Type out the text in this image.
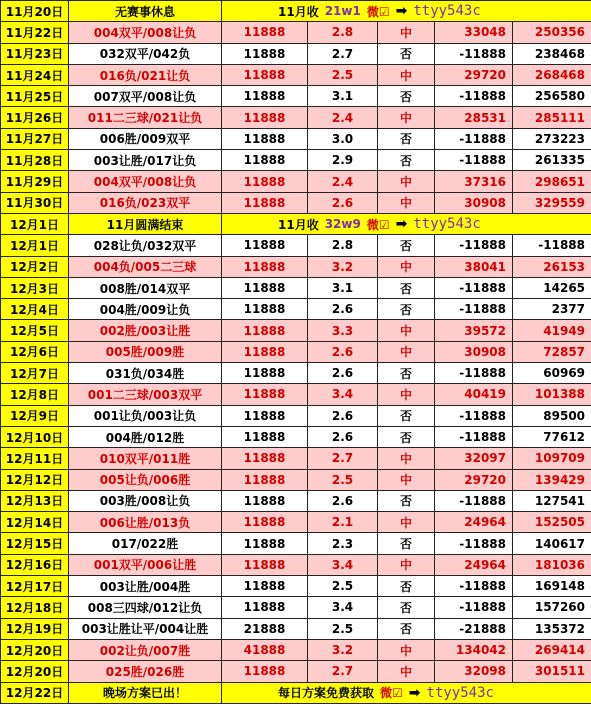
11月20日	无赛事休息	11月收 21w1 微☑ ➡ ttyy543c				

11月22日	004双平/008让负	11888	2.8	中	33048	250356
11月23日	032双平/042负	11888	2.7	否	-11888	238468
11月24日	016负/021让负	11888	2.5	中	29720	268468
11月25日	007双平/008让负	11888	3.1	否	-11888	256580
11月26日	011二三球/021让负	11888	2.4	中	28531	285111
11月27日	006胜/009双平	11888	3.0	否	-11888	273223
11月28日	003让胜/017让负	11888	2.9	否	-11888	261335
11月29日	004双平/008让负	11888	2.4	中	37316	298651
11月30日	016负/023双平	11888	2.6	中	30908	329559
12月1日	11月圆满结束	11月收 32w9 微☑ ➡ ttyy543c				

12月1日	028让负/032双平	11888	2.8	否	-11888	-11888
12月2日	004负/005二三球	11888	3.2	中	38041	26153
12月3日	008胜/014双平	11888	3.1	否	-11888	14265
12月4日	004胜/009让负	11888	2.6	否	-11888	2377
12月5日	002胜/003让胜	11888	3.3	中	39572	41949
12月6日	005胜/009胜	11888	2.6	中	30908	72857
12月7日	031负/034胜	11888	2.6	否	-11888	60969
12月8日	001二三球/003双平	11888	3.4	中	40419	101388
12月9日	001让负/003让负	11888	2.6	否	-11888	89500
12月10日	004胜/012胜	11888	2.6	否	-11888	77612
12月11日	010双平/011胜	11888	2.7	中	32097	109709
12月12日	005让负/006胜	11888	2.5	中	29720	139429
12月13日	003胜/008让负	11888	2.6	否	-11888	127541
12月14日	006让胜/013负	11888	2.1	中	24964	152505
12月15日	017/022胜	11888	2.3	否	-11888	140617
12月16日	001双平/006让胜	11888	3.4	中	24964	181036
12月17日	003让胜/004胜	11888	2.5	否	-11888	169148
12月18日	008三四球/012让负	11888	3.4	否	-11888	157260
12月19日	003让胜让平/004让胜	21888	2.5	否	-21888	135372
12月20日	002让负/007胜	41888	3.2	中	134042	269414
12月20日	025胜/026胜	11888	2.7	中	32098	301511
12月22日	晚场方案已出！	每日方案免费获取 微☑ ➡ ttyy543c				
